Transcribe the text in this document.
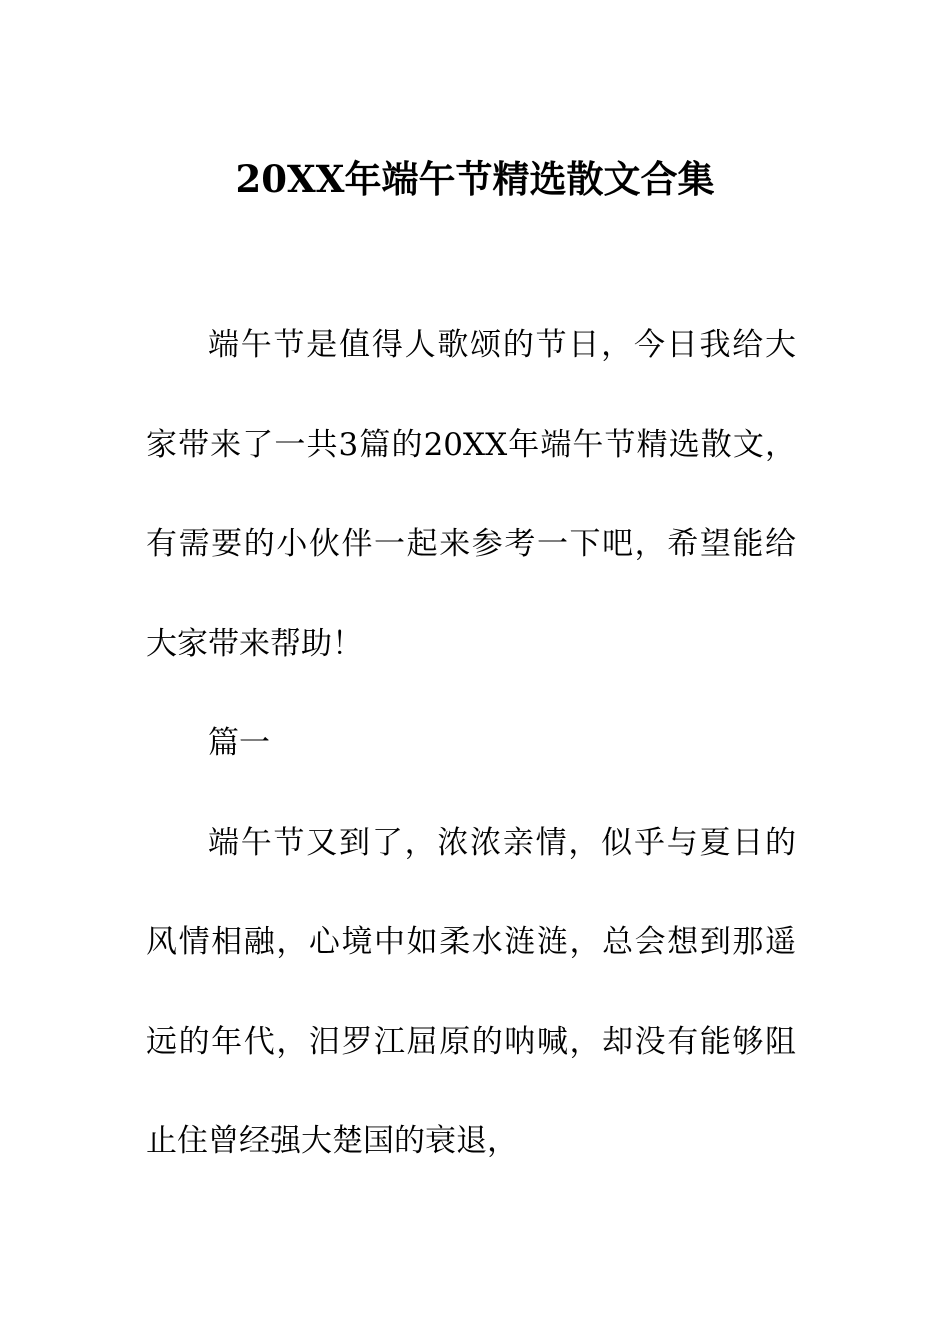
20XX年端午节精选散文合集

端午节是值得人歌颂的节日，今日我给大家带来了一共3篇的20XX年端午节精选散文，有需要的小伙伴一起来参考一下吧，希望能给大家带来帮助！

篇一

端午节又到了，浓浓亲情，似乎与夏日的风情相融，心境中如柔水涟涟，总会想到那遥远的年代，汨罗江屈原的呐喊，却没有能够阻止住曾经强大楚国的衰退，
